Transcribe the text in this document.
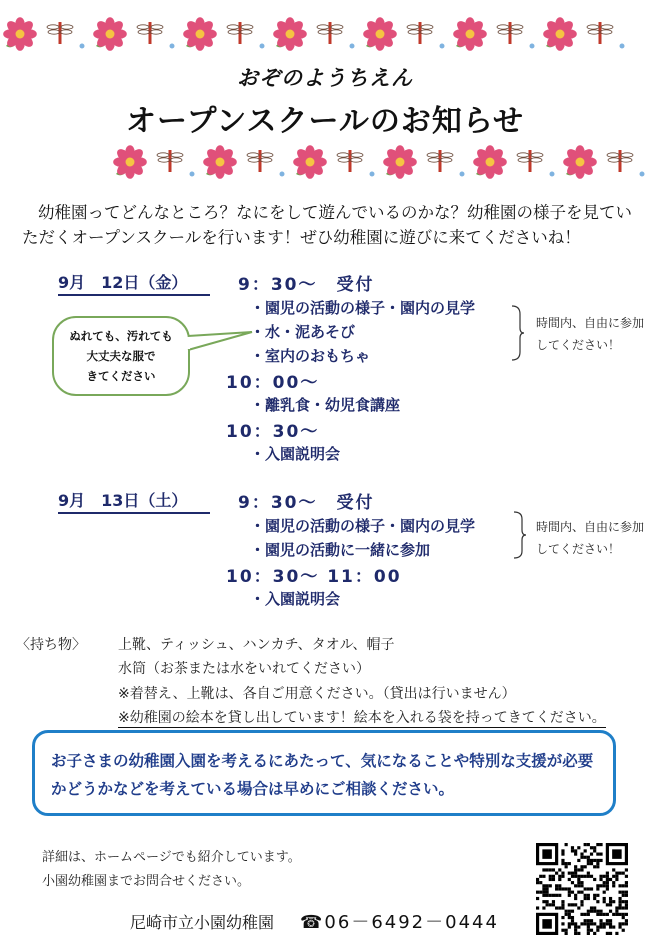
おぞのようちえん
オープンスクールのお知らせ
幼稚園ってどんなところ？なにをして遊んでいるのかな？幼稚園の様子を見ていただくオープンスクールを行います！ぜひ幼稚園に遊びに来てくださいね！
9月　12日（金）	9：30～　受付
・園児の活動の様子・園内の見学
・水・泥あそび
・室内のおもちゃ
10：00～
・離乳食・幼児食講座
10：30～
・入園説明会
ぬれても、汚れても
大丈夫な服で
きてください
時間内、自由に参加
してください！
9月　13日（土）	9：30～　受付
・園児の活動の様子・園内の見学
・園児の活動に一緒に参加
10：30～ 11：00
・入園説明会
時間内、自由に参加
してください！
〈持ち物〉 上靴、ティッシュ、ハンカチ、タオル、帽子
水筒（お茶または水をいれてください）
※着替え、上靴は、各自ご用意ください。（貸出は行いません）
※幼稚園の絵本を貸し出しています！絵本を入れる袋を持ってきてください。
お子さまの幼稚園入園を考えるにあたって、気になることや特別な支援が必要かどうかなどを考えている場合は早めにご相談ください。
詳細は、ホームページでも紹介しています。
小園幼稚園までお問合せください。
尼崎市立小園幼稚園 ☎06－6492－0444
